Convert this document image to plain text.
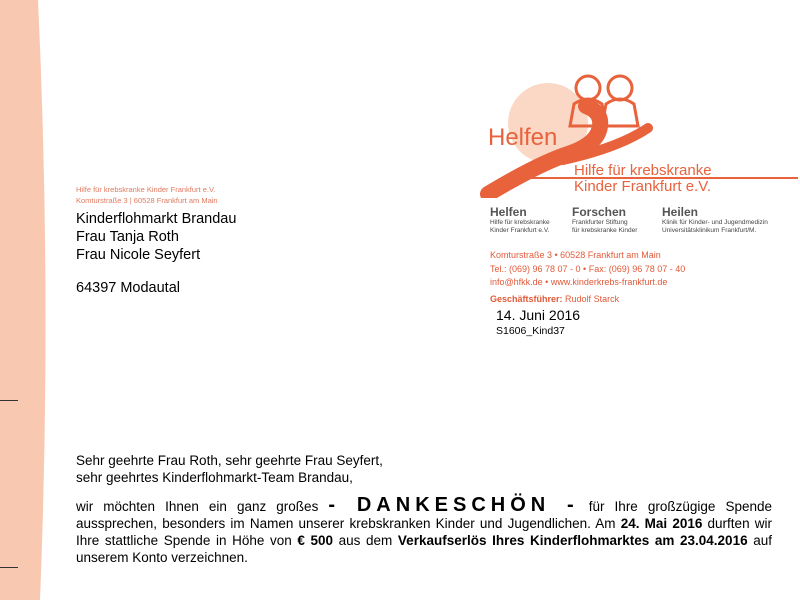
Hilfe für krebskranke Kinder Frankfurt e.V.
Komturstraße 3 | 60528 Frankfurt am Main
Kinderflohmarkt Brandau
Frau Tanja Roth
Frau Nicole Seyfert
64397 Modautal
Helfen
Hilfe für krebskranke
Kinder Frankfurt e.V.
Helfen
Hilfe für krebskranke
Kinder Frankfurt e.V.
Forschen
Frankfurter Stiftung
für krebskranke Kinder
Heilen
Klinik für Kinder- und Jugendmedizin
Universitätsklinikum Frankfurt/M.
Komturstraße 3 • 60528 Frankfurt am Main
Tel.: (069) 96 78 07 - 0 • Fax: (069) 96 78 07 - 40
info@hfkk.de • www.kinderkrebs-frankfurt.de
Geschäftsführer: Rudolf Starck
14. Juni 2016
S1606_Kind37
Sehr geehrte Frau Roth, sehr geehrte Frau Seyfert,
sehr geehrtes Kinderflohmarkt-Team Brandau,
wir möchten Ihnen ein ganz großes - DANKESCHÖN - für Ihre großzügige Spende aussprechen, besonders im Namen unserer krebskranken Kinder und Jugendlichen. Am 24. Mai 2016 durften wir Ihre stattliche Spende in Höhe von € 500 aus dem Verkaufserlös Ihres Kinderflohmarktes am 23.04.2016 auf unserem Konto verzeichnen.
